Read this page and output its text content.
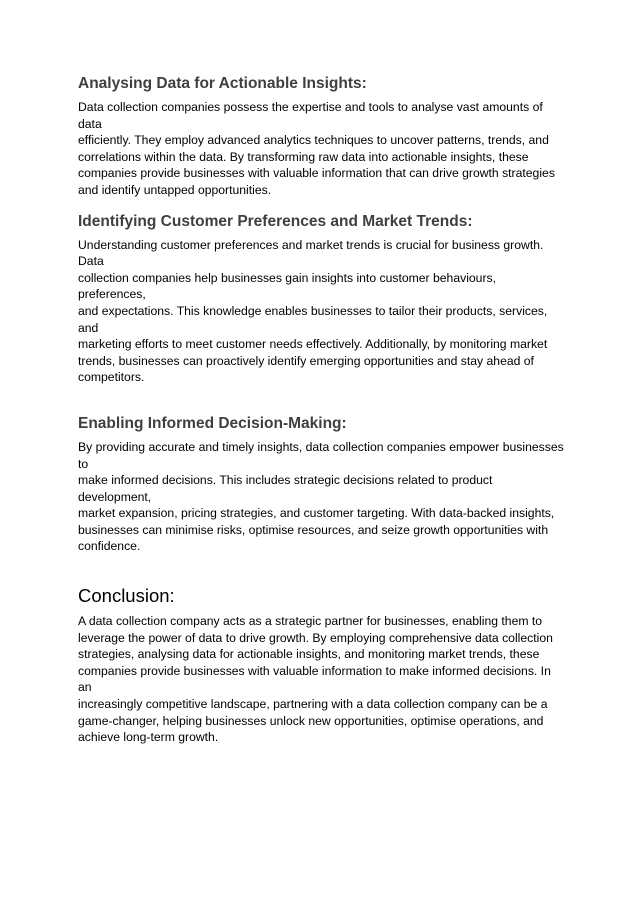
Analysing Data for Actionable Insights:

Data collection companies possess the expertise and tools to analyse vast amounts of data
efficiently. They employ advanced analytics techniques to uncover patterns, trends, and
correlations within the data. By transforming raw data into actionable insights, these
companies provide businesses with valuable information that can drive growth strategies
and identify untapped opportunities.

Identifying Customer Preferences and Market Trends:

Understanding customer preferences and market trends is crucial for business growth. Data
collection companies help businesses gain insights into customer behaviours, preferences,
and expectations. This knowledge enables businesses to tailor their products, services, and
marketing efforts to meet customer needs effectively. Additionally, by monitoring market
trends, businesses can proactively identify emerging opportunities and stay ahead of
competitors.

Enabling Informed Decision-Making:

By providing accurate and timely insights, data collection companies empower businesses to
make informed decisions. This includes strategic decisions related to product development,
market expansion, pricing strategies, and customer targeting. With data-backed insights,
businesses can minimise risks, optimise resources, and seize growth opportunities with
confidence.

Conclusion:

A data collection company acts as a strategic partner for businesses, enabling them to
leverage the power of data to drive growth. By employing comprehensive data collection
strategies, analysing data for actionable insights, and monitoring market trends, these
companies provide businesses with valuable information to make informed decisions. In an
increasingly competitive landscape, partnering with a data collection company can be a
game-changer, helping businesses unlock new opportunities, optimise operations, and
achieve long-term growth.
